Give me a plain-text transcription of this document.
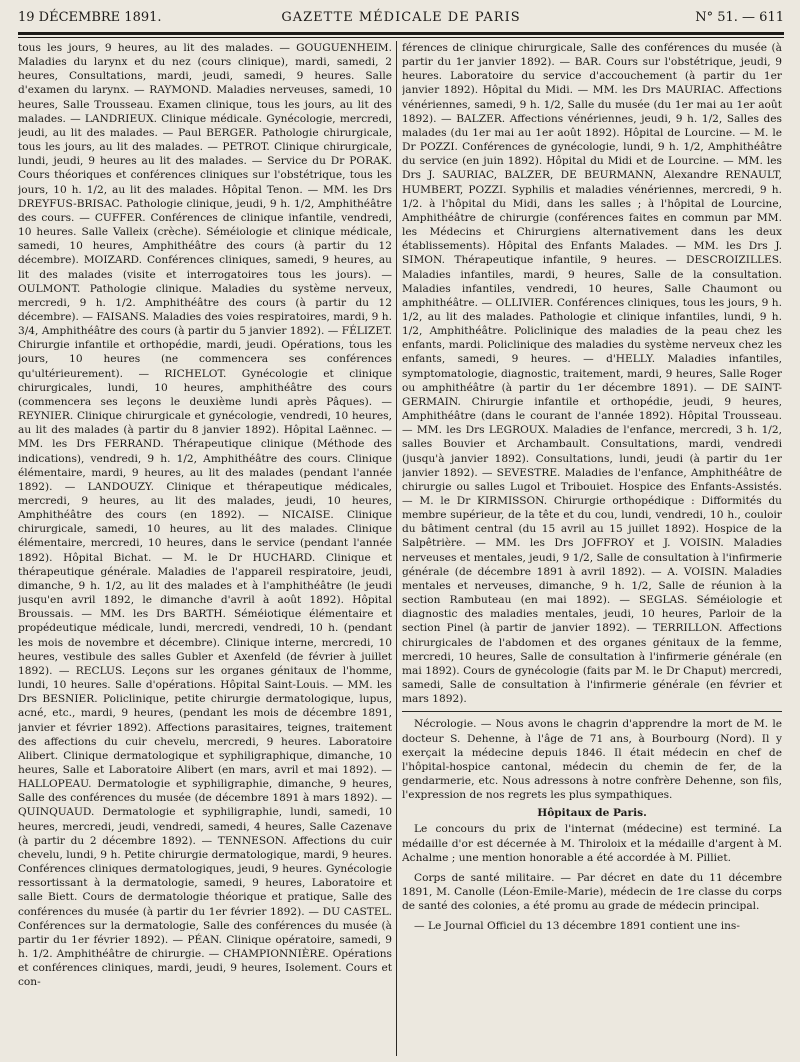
19 DÉCEMBRE 1891.	GAZETTE MÉDICALE DE PARIS	N° 51. — 611

tous les jours, 9 heures, au lit des malades. — GOUGUENHEIM. Maladies du larynx et du nez (cours clinique), mardi, samedi, 2 heures, Consultations, mardi, jeudi, samedi, 9 heures. Salle d'examen du larynx. — RAYMOND. Maladies nerveuses, samedi, 10 heures, Salle Trousseau. Examen clinique, tous les jours, au lit des malades. — LANDRIEUX. Clinique médicale. Gynécologie, mercredi, jeudi, au lit des malades. — Paul BERGER. Pathologie chirurgicale, tous les jours, au lit des malades. — PETROT. Clinique chirurgicale, lundi, jeudi, 9 heures au lit des malades. — Service du Dr PORAK. Cours théoriques et conférences cliniques sur l'obstétrique, tous les jours, 10 h. 1/2, au lit des malades. Hôpital Tenon. — MM. les Drs DREYFUS-BRISAC. Pathologie clinique, jeudi, 9 h. 1/2, Amphithéâtre des cours. — CUFFER. Conférences de clinique infantile, vendredi, 10 heures. Salle Valleix (crèche). Séméiologie et clinique médicale, samedi, 10 heures, Amphithéâtre des cours (à partir du 12 décembre). MOIZARD. Conférences cliniques, samedi, 9 heures, au lit des malades (visite et interrogatoires tous les jours). — OULMONT. Pathologie clinique. Maladies du système nerveux, mercredi, 9 h. 1/2. Amphithéâtre des cours (à partir du 12 décembre). — FAISANS. Maladies des voies respiratoires, mardi, 9 h. 3/4, Amphithéâtre des cours (à partir du 5 janvier 1892). — FÉLIZET. Chirurgie infantile et orthopédie, mardi, jeudi. Opérations, tous les jours, 10 heures (ne commencera ses conférences qu'ultérieurement). — RICHELOT. Gynécologie et clinique chirurgicales, lundi, 10 heures, amphithéâtre des cours (commencera ses leçons le deuxième lundi après Pâques). — REYNIER. Clinique chirurgicale et gynécologie, vendredi, 10 heures, au lit des malades (à partir du 8 janvier 1892). Hôpital Laënnec. — MM. les Drs FERRAND. Thérapeutique clinique (Méthode des indications), vendredi, 9 h. 1/2, Amphithéâtre des cours. Clinique élémentaire, mardi, 9 heures, au lit des malades (pendant l'année 1892). — LANDOUZY. Clinique et thérapeutique médicales, mercredi, 9 heures, au lit des malades, jeudi, 10 heures, Amphithéâtre des cours (en 1892). — NICAISE. Clinique chirurgicale, samedi, 10 heures, au lit des malades. Clinique élémentaire, mercredi, 10 heures, dans le service (pendant l'année 1892). Hôpital Bichat. — M. le Dr HUCHARD. Clinique et thérapeutique générale. Maladies de l'appareil respiratoire, jeudi, dimanche, 9 h. 1/2, au lit des malades et à l'amphithéâtre (le jeudi jusqu'en avril 1892, le dimanche d'avril à août 1892). Hôpital Broussais. — MM. les Drs BARTH. Séméiotique élémentaire et propédeutique médicale, lundi, mercredi, vendredi, 10 h. (pendant les mois de novembre et décembre). Clinique interne, mercredi, 10 heures, vestibule des salles Gubler et Axenfeld (de février à juillet 1892). — RECLUS. Leçons sur les organes génitaux de l'homme, lundi, 10 heures. Salle d'opérations. Hôpital Saint-Louis. — MM. les Drs BESNIER. Policlinique, petite chirurgie dermatologique, lupus, acné, etc., mardi, 9 heures, (pendant les mois de décembre 1891, janvier et février 1892). Affections parasitaires, teignes, traitement des affections du cuir chevelu, mercredi, 9 heures. Laboratoire Alibert. Clinique dermatologique et syphiligraphique, dimanche, 10 heures, Salle et Laboratoire Alibert (en mars, avril et mai 1892). — HALLOPEAU. Dermatologie et syphiligraphie, dimanche, 9 heures, Salle des conférences du musée (de décembre 1891 à mars 1892). — QUINQUAUD. Dermatologie et syphiligraphie, lundi, samedi, 10 heures, mercredi, jeudi, vendredi, samedi, 4 heures, Salle Cazenave (à partir du 2 décembre 1892). — TENNESON. Affections du cuir chevelu, lundi, 9 h. Petite chirurgie dermatologique, mardi, 9 heures. Conférences cliniques dermatologiques, jeudi, 9 heures. Gynécologie ressortissant à la dermatologie, samedi, 9 heures, Laboratoire et salle Biett. Cours de dermatologie théorique et pratique, Salle des conférences du musée (à partir du 1er février 1892). — DU CASTEL. Conférences sur la dermatologie, Salle des conférences du musée (à partir du 1er février 1892). — PÉAN. Clinique opératoire, samedi, 9 h. 1/2. Amphithéâtre de chirurgie. — CHAMPIONNIÈRE. Opérations et conférences cliniques, mardi, jeudi, 9 heures, Isolement. Cours et con-

férences de clinique chirurgicale, Salle des conférences du musée (à partir du 1er janvier 1892). — BAR. Cours sur l'obstétrique, jeudi, 9 heures. Laboratoire du service d'accouchement (à partir du 1er janvier 1892). Hôpital du Midi. — MM. les Drs MAURIAC. Affections vénériennes, samedi, 9 h. 1/2, Salle du musée (du 1er mai au 1er août 1892). — BALZER. Affections vénériennes, jeudi, 9 h. 1/2, Salles des malades (du 1er mai au 1er août 1892). Hôpital de Lourcine. — M. le Dr POZZI. Conférences de gynécologie, lundi, 9 h. 1/2, Amphithéâtre du service (en juin 1892). Hôpital du Midi et de Lourcine. — MM. les Drs J. SAURIAC, BALZER, DE BEURMANN, Alexandre RENAULT, HUMBERT, POZZI. Syphilis et maladies vénériennes, mercredi, 9 h. 1/2. à l'hôpital du Midi, dans les salles ; à l'hôpital de Lourcine, Amphithéâtre de chirurgie (conférences faites en commun par MM. les Médecins et Chirurgiens alternativement dans les deux établissements). Hôpital des Enfants Malades. — MM. les Drs J. SIMON. Thérapeutique infantile, 9 heures. — DESCROIZILLES. Maladies infantiles, mardi, 9 heures, Salle de la consultation. Maladies infantiles, vendredi, 10 heures, Salle Chaumont ou amphithéâtre. — OLLIVIER. Conférences cliniques, tous les jours, 9 h. 1/2, au lit des malades. Pathologie et clinique infantiles, lundi, 9 h. 1/2, Amphithéâtre. Policlinique des maladies de la peau chez les enfants, mardi. Policlinique des maladies du système nerveux chez les enfants, samedi, 9 heures. — d'HELLY. Maladies infantiles, symptomatologie, diagnostic, traitement, mardi, 9 heures, Salle Roger ou amphithéâtre (à partir du 1er décembre 1891). — DE SAINT-GERMAIN. Chirurgie infantile et orthopédie, jeudi, 9 heures, Amphithéâtre (dans le courant de l'année 1892). Hôpital Trousseau. — MM. les Drs LEGROUX. Maladies de l'enfance, mercredi, 3 h. 1/2, salles Bouvier et Archambault. Consultations, mardi, vendredi (jusqu'à janvier 1892). Consultations, lundi, jeudi (à partir du 1er janvier 1892). — SEVESTRE. Maladies de l'enfance, Amphithéâtre de chirurgie ou salles Lugol et Tribouiet. Hospice des Enfants-Assistés. — M. le Dr KIRMISSON. Chirurgie orthopédique : Difformités du membre supérieur, de la tête et du cou, lundi, vendredi, 10 h., couloir du bâtiment central (du 15 avril au 15 juillet 1892). Hospice de la Salpêtrière. — MM. les Drs JOFFROY et J. VOISIN. Maladies nerveuses et mentales, jeudi, 9 1/2, Salle de consultation à l'infirmerie générale (de décembre 1891 à avril 1892). — A. VOISIN. Maladies mentales et nerveuses, dimanche, 9 h. 1/2, Salle de réunion à la section Rambuteau (en mai 1892). — SEGLAS. Séméiologie et diagnostic des maladies mentales, jeudi, 10 heures, Parloir de la section Pinel (à partir de janvier 1892). — TERRILLON. Affections chirurgicales de l'abdomen et des organes génitaux de la femme, mercredi, 10 heures, Salle de consultation à l'infirmerie générale (en mai 1892). Cours de gynécologie (faits par M. le Dr Chaput) mercredi, samedi, Salle de consultation à l'infirmerie générale (en février et mars 1892).

Nécrologie. — Nous avons le chagrin d'apprendre la mort de M. le docteur S. Dehenne, à l'âge de 71 ans, à Bourbourg (Nord). Il y exerçait la médecine depuis 1846. Il était médecin en chef de l'hôpital-hospice cantonal, médecin du chemin de fer, de la gendarmerie, etc. Nous adressons à notre confrère Dehenne, son fils, l'expression de nos regrets les plus sympathiques.

Hôpitaux de Paris.

Le concours du prix de l'internat (médecine) est terminé. La médaille d'or est décernée à M. Thiroloix et la médaille d'argent à M. Achalme ; une mention honorable a été accordée à M. Pilliet.

Corps de santé militaire. — Par décret en date du 11 décembre 1891, M. Canolle (Léon-Emile-Marie), médecin de 1re classe du corps de santé des colonies, a été promu au grade de médecin principal.

— Le Journal Officiel du 13 décembre 1891 contient une ins-
